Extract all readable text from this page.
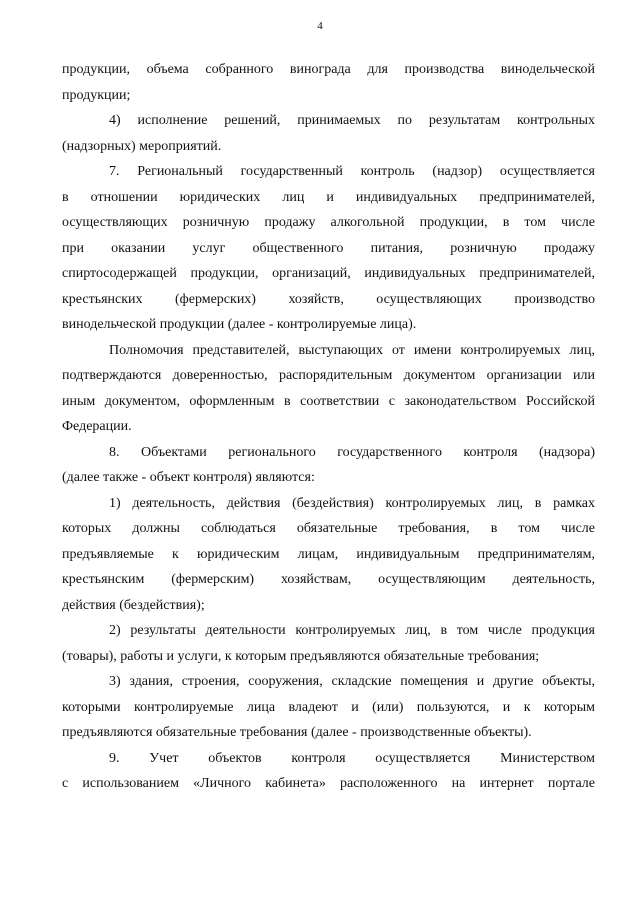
4
продукции, объема собранного винограда для производства винодельческой
продукции;
4) исполнение решений, принимаемых по результатам контрольных
(надзорных) мероприятий.
7. Региональный государственный контроль (надзор) осуществляется
в отношении юридических лиц и индивидуальных предпринимателей,
осуществляющих розничную продажу алкогольной продукции, в том числе
при оказании услуг общественного питания, розничную продажу
спиртосодержащей продукции, организаций, индивидуальных предпринимателей,
крестьянских (фермерских) хозяйств, осуществляющих производство
винодельческой продукции (далее - контролируемые лица).
Полномочия представителей, выступающих от имени контролируемых лиц,
подтверждаются доверенностью, распорядительным документом организации или
иным документом, оформленным в соответствии с законодательством Российской
Федерации.
8. Объектами регионального государственного контроля (надзора)
(далее также - объект контроля) являются:
1) деятельность, действия (бездействия) контролируемых лиц, в рамках
которых должны соблюдаться обязательные требования, в том числе
предъявляемые к юридическим лицам, индивидуальным предпринимателям,
крестьянским (фермерским) хозяйствам, осуществляющим деятельность,
действия (бездействия);
2) результаты деятельности контролируемых лиц, в том числе продукция
(товары), работы и услуги, к которым предъявляются обязательные требования;
3) здания, строения, сооружения, складские помещения и другие объекты,
которыми контролируемые лица владеют и (или) пользуются, и к которым
предъявляются обязательные требования (далее - производственные объекты).
9. Учет объектов контроля осуществляется Министерством
с использованием «Личного кабинета» расположенного на интернет портале
